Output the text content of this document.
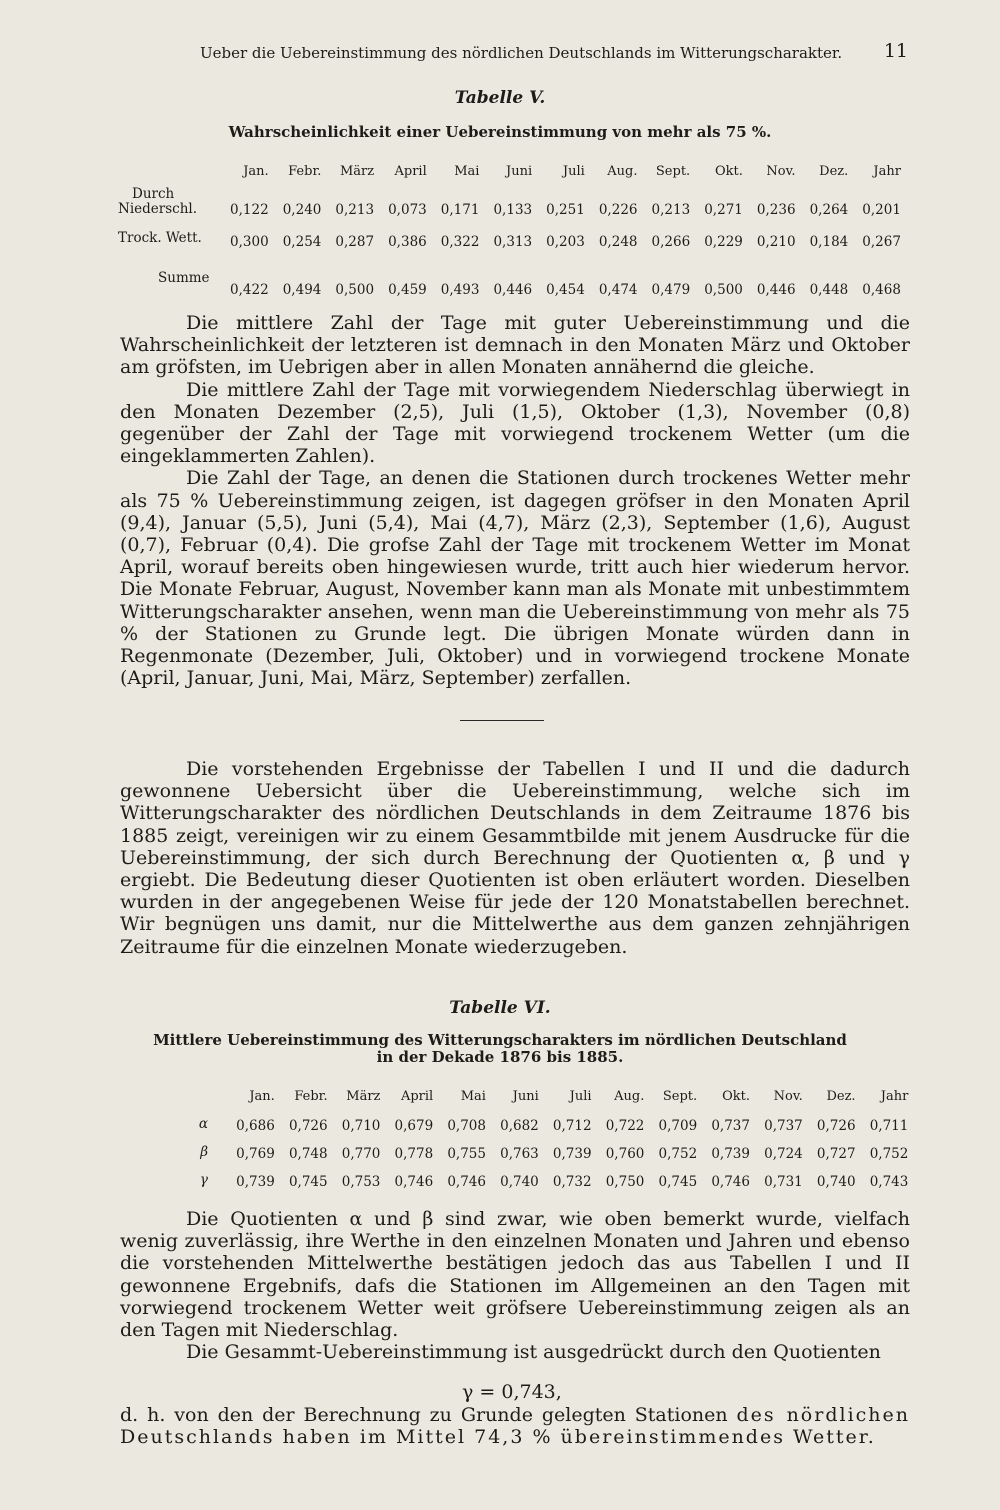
Ueber die Uebereinstimmung des nördlichen Deutschlands im Witterungscharakter. 11
Tabelle V.
Wahrscheinlichkeit einer Uebereinstimmung von mehr als 75 %.
	Jan.	Febr.	März	April	Mai	Juni	Juli	Aug.	Sept.	Okt.	Nov.	Dez.	Jahr

Durch
Niederschl.	0,122	0,240	0,213	0,073	0,171	0,133	0,251	0,226	0,213	0,271	0,236	0,264	0,201

Trock. Wett.	0,300	0,254	0,287	0,386	0,322	0,313	0,203	0,248	0,266	0,229	0,210	0,184	0,267

Summe	0,422	0,494	0,500	0,459	0,493	0,446	0,454	0,474	0,479	0,500	0,446	0,448	0,468

Die mittlere Zahl der Tage mit guter Uebereinstimmung und die Wahrscheinlichkeit der letzteren ist demnach in den Monaten März und Oktober am gröfsten, im Uebrigen aber in allen Monaten annähernd die gleiche.

Die mittlere Zahl der Tage mit vorwiegendem Niederschlag überwiegt in den Monaten Dezember (2,5), Juli (1,5), Oktober (1,3), November (0,8) gegenüber der Zahl der Tage mit vorwiegend trockenem Wetter (um die eingeklammerten Zahlen).

Die Zahl der Tage, an denen die Stationen durch trockenes Wetter mehr als 75 % Uebereinstimmung zeigen, ist dagegen gröfser in den Monaten April (9,4), Januar (5,5), Juni (5,4), Mai (4,7), März (2,3), September (1,6), August (0,7), Februar (0,4). Die grofse Zahl der Tage mit trockenem Wetter im Monat April, worauf bereits oben hingewiesen wurde, tritt auch hier wiederum hervor. Die Monate Februar, August, November kann man als Monate mit unbestimmtem Witterungscharakter ansehen, wenn man die Uebereinstimmung von mehr als 75 % der Stationen zu Grunde legt. Die übrigen Monate würden dann in Regenmonate (Dezember, Juli, Oktober) und in vorwiegend trockene Monate (April, Januar, Juni, Mai, März, September) zerfallen.

Die vorstehenden Ergebnisse der Tabellen I und II und die dadurch gewonnene Uebersicht über die Uebereinstimmung, welche sich im Witterungscharakter des nördlichen Deutschlands in dem Zeitraume 1876 bis 1885 zeigt, vereinigen wir zu einem Gesammtbilde mit jenem Ausdrucke für die Uebereinstimmung, der sich durch Berechnung der Quotienten α, β und γ ergiebt. Die Bedeutung dieser Quotienten ist oben erläutert worden. Dieselben wurden in der angegebenen Weise für jede der 120 Monatstabellen berechnet. Wir begnügen uns damit, nur die Mittelwerthe aus dem ganzen zehnjährigen Zeitraume für die einzelnen Monate wiederzugeben.

Tabelle VI.
Mittlere Uebereinstimmung des Witterungscharakters im nördlichen Deutschland
in der Dekade 1876 bis 1885.
	Jan.	Febr.	März	April	Mai	Juni	Juli	Aug.	Sept.	Okt.	Nov.	Dez.	Jahr

α	0,686	0,726	0,710	0,679	0,708	0,682	0,712	0,722	0,709	0,737	0,737	0,726	0,711

β	0,769	0,748	0,770	0,778	0,755	0,763	0,739	0,760	0,752	0,739	0,724	0,727	0,752

γ	0,739	0,745	0,753	0,746	0,746	0,740	0,732	0,750	0,745	0,746	0,731	0,740	0,743

Die Quotienten α und β sind zwar, wie oben bemerkt wurde, vielfach wenig zuverlässig, ihre Werthe in den einzelnen Monaten und Jahren und ebenso die vorstehenden Mittelwerthe bestätigen jedoch das aus Tabellen I und II gewonnene Ergebnifs, dafs die Stationen im Allgemeinen an den Tagen mit vorwiegend trockenem Wetter weit gröfsere Uebereinstimmung zeigen als an den Tagen mit Niederschlag.

Die Gesammt-Uebereinstimmung ist ausgedrückt durch den Quotienten

γ = 0,743,

d. h. von den der Berechnung zu Grunde gelegten Stationen des nördlichen Deutschlands haben im Mittel 74,3 % übereinstimmendes Wetter.
